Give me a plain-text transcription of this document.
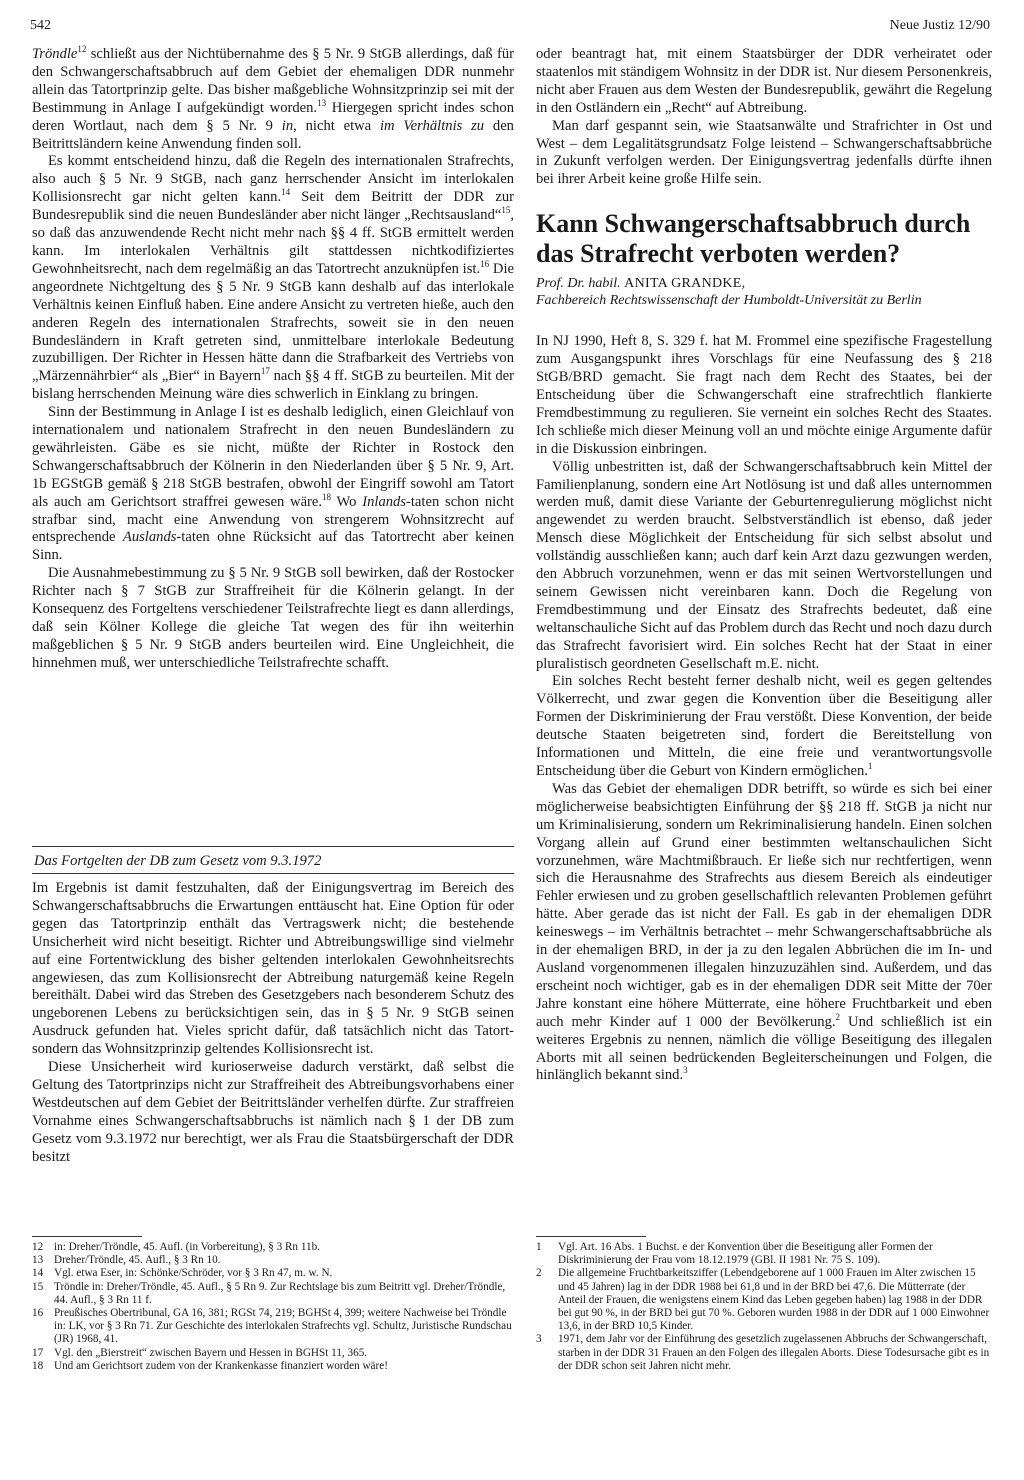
542	Neue Justiz 12/90

Tröndle$^{12}$ schließt aus der Nichtübernahme des § 5 Nr. 9 StGB allerdings, daß für den Schwangerschaftsabbruch auf dem Gebiet der ehemaligen DDR nunmehr allein das Tatortprinzip gelte. Das bisher maßgebliche Wohnsitzprinzip sei mit der Bestimmung in Anlage I aufgekündigt worden.$^{13}$ Hiergegen spricht indes schon deren Wortlaut, nach dem § 5 Nr. 9 in, nicht etwa im Verhältnis zu den Beitrittsländern keine Anwendung finden soll.

Es kommt entscheidend hinzu, daß die Regeln des internationalen Strafrechts, also auch § 5 Nr. 9 StGB, nach ganz herrschender Ansicht im interlokalen Kollisionsrecht gar nicht gelten kann.$^{14}$ Seit dem Beitritt der DDR zur Bundesrepublik sind die neuen Bundesländer aber nicht länger „Rechtsausland“$^{15}$, so daß das anzuwendende Recht nicht mehr nach §§ 4 ff. StGB ermittelt werden kann. Im interlokalen Verhältnis gilt stattdessen nichtkodifiziertes Gewohnheitsrecht, nach dem regelmäßig an das Tatortrecht anzuknüpfen ist.$^{16}$ Die angeordnete Nichtgeltung des § 5 Nr. 9 StGB kann deshalb auf das interlokale Verhältnis keinen Einfluß haben. Eine andere Ansicht zu vertreten hieße, auch den anderen Regeln des internationalen Strafrechts, soweit sie in den neuen Bundesländern in Kraft getreten sind, unmittelbare interlokale Bedeutung zuzubilligen. Der Richter in Hessen hätte dann die Strafbarkeit des Vertriebs von „Märzennährbier“ als „Bier“ in Bayern$^{17}$ nach §§ 4 ff. StGB zu beurteilen. Mit der bislang herrschenden Meinung wäre dies schwerlich in Einklang zu bringen.

Sinn der Bestimmung in Anlage I ist es deshalb lediglich, einen Gleichlauf von internationalem und nationalem Strafrecht in den neuen Bundesländern zu gewährleisten. Gäbe es sie nicht, müßte der Richter in Rostock den Schwangerschaftsabbruch der Kölnerin in den Niederlanden über § 5 Nr. 9, Art. 1b EGStGB gemäß § 218 StGB bestrafen, obwohl der Eingriff sowohl am Tatort als auch am Gerichtsort straffrei gewesen wäre.$^{18}$ Wo Inlands-taten schon nicht strafbar sind, macht eine Anwendung von strengerem Wohnsitzrecht auf entsprechende Auslands-taten ohne Rücksicht auf das Tatortrecht aber keinen Sinn.

Die Ausnahmebestimmung zu § 5 Nr. 9 StGB soll bewirken, daß der Rostocker Richter nach § 7 StGB zur Straffreiheit für die Kölnerin gelangt. In der Konsequenz des Fortgeltens verschiedener Teilstrafrechte liegt es dann allerdings, daß sein Kölner Kollege die gleiche Tat wegen des für ihn weiterhin maßgeblichen § 5 Nr. 9 StGB anders beurteilen wird. Eine Ungleichheit, die hinnehmen muß, wer unterschiedliche Teilstrafrechte schafft.

Das Fortgelten der DB zum Gesetz vom 9.3.1972

Im Ergebnis ist damit festzuhalten, daß der Einigungsvertrag im Bereich des Schwangerschaftsabbruchs die Erwartungen enttäuscht hat. Eine Option für oder gegen das Tatortprinzip enthält das Vertragswerk nicht; die bestehende Unsicherheit wird nicht beseitigt. Richter und Abtreibungswillige sind vielmehr auf eine Fortentwicklung des bisher geltenden interlokalen Gewohnheitsrechts angewiesen, das zum Kollisionsrecht der Abtreibung naturgemäß keine Regeln bereithält. Dabei wird das Streben des Gesetzgebers nach besonderem Schutz des ungeborenen Lebens zu berücksichtigen sein, das in § 5 Nr. 9 StGB seinen Ausdruck gefunden hat. Vieles spricht dafür, daß tatsächlich nicht das Tatort- sondern das Wohnsitzprinzip geltendes Kollisionsrecht ist.

Diese Unsicherheit wird kurioserweise dadurch verstärkt, daß selbst die Geltung des Tatortprinzips nicht zur Straffreiheit des Abtreibungsvorhabens einer Westdeutschen auf dem Gebiet der Beitrittsländer verhelfen dürfte. Zur straffreien Vornahme eines Schwangerschaftsabbruchs ist nämlich nach § 1 der DB zum Gesetz vom 9.3.1972 nur berechtigt, wer als Frau die Staatsbürgerschaft der DDR besitzt

oder beantragt hat, mit einem Staatsbürger der DDR verheiratet oder staatenlos mit ständigem Wohnsitz in der DDR ist. Nur diesem Personenkreis, nicht aber Frauen aus dem Westen der Bundesrepublik, gewährt die Regelung in den Ostländern ein „Recht“ auf Abtreibung.

Man darf gespannt sein, wie Staatsanwälte und Strafrichter in Ost und West – dem Legalitätsgrundsatz Folge leistend – Schwangerschaftsabbrüche in Zukunft verfolgen werden. Der Einigungsvertrag jedenfalls dürfte ihnen bei ihrer Arbeit keine große Hilfe sein.

Kann Schwangerschaftsabbruch durch das Strafrecht verboten werden?

Prof. Dr. habil. ANITA GRANDKE,

Fachbereich Rechtswissenschaft der Humboldt-Universität zu Berlin

In NJ 1990, Heft 8, S. 329 f. hat M. Frommel eine spezifische Fragestellung zum Ausgangspunkt ihres Vorschlags für eine Neufassung des § 218 StGB/BRD gemacht. Sie fragt nach dem Recht des Staates, bei der Entscheidung über die Schwangerschaft eine strafrechtlich flankierte Fremdbestimmung zu regulieren. Sie verneint ein solches Recht des Staates. Ich schließe mich dieser Meinung voll an und möchte einige Argumente dafür in die Diskussion einbringen.

Völlig unbestritten ist, daß der Schwangerschaftsabbruch kein Mittel der Familienplanung, sondern eine Art Notlösung ist und daß alles unternommen werden muß, damit diese Variante der Geburtenregulierung möglichst nicht angewendet zu werden braucht. Selbstverständlich ist ebenso, daß jeder Mensch diese Möglichkeit der Entscheidung für sich selbst absolut und vollständig ausschließen kann; auch darf kein Arzt dazu gezwungen werden, den Abbruch vorzunehmen, wenn er das mit seinen Wertvorstellungen und seinem Gewissen nicht vereinbaren kann. Doch die Regelung von Fremdbestimmung und der Einsatz des Strafrechts bedeutet, daß eine weltanschauliche Sicht auf das Problem durch das Recht und noch dazu durch das Strafrecht favorisiert wird. Ein solches Recht hat der Staat in einer pluralistisch geordneten Gesellschaft m.E. nicht.

Ein solches Recht besteht ferner deshalb nicht, weil es gegen geltendes Völkerrecht, und zwar gegen die Konvention über die Beseitigung aller Formen der Diskriminierung der Frau verstößt. Diese Konvention, der beide deutsche Staaten beigetreten sind, fordert die Bereitstellung von Informationen und Mitteln, die eine freie und verantwortungsvolle Entscheidung über die Geburt von Kindern ermöglichen.$^1$

Was das Gebiet der ehemaligen DDR betrifft, so würde es sich bei einer möglicherweise beabsichtigten Einführung der §§ 218 ff. StGB ja nicht nur um Kriminalisierung, sondern um Rekriminalisierung handeln. Einen solchen Vorgang allein auf Grund einer bestimmten weltanschaulichen Sicht vorzunehmen, wäre Machtmißbrauch. Er ließe sich nur rechtfertigen, wenn sich die Herausnahme des Strafrechts aus diesem Bereich als eindeutiger Fehler erwiesen und zu groben gesellschaftlich relevanten Problemen geführt hätte. Aber gerade das ist nicht der Fall. Es gab in der ehemaligen DDR keineswegs – im Verhältnis betrachtet – mehr Schwangerschaftsabbrüche als in der ehemaligen BRD, in der ja zu den legalen Abbrüchen die im In- und Ausland vorgenommenen illegalen hinzuzuzählen sind. Außerdem, und das erscheint noch wichtiger, gab es in der ehemaligen DDR seit Mitte der 70er Jahre konstant eine höhere Mütterrate, eine höhere Fruchtbarkeit und eben auch mehr Kinder auf 1 000 der Bevölkerung.$^2$ Und schließlich ist ein weiteres Ergebnis zu nennen, nämlich die völlige Beseitigung des illegalen Aborts mit all seinen bedrückenden Begleiterscheinungen und Folgen, die hinlänglich bekannt sind.$^3$

12 in: Dreher/Tröndle, 45. Aufl. (in Vorbereitung), § 3 Rn 11b.
13 Dreher/Tröndle, 45. Aufl., § 3 Rn 10.
14 Vgl. etwa Eser, in: Schönke/Schröder, vor § 3 Rn 47, m. w. N.
15 Tröndle in: Dreher/Tröndle, 45. Aufl., § 5 Rn 9. Zur Rechtslage bis zum Beitritt vgl. Dreher/Tröndle, 44. Aufl., § 3 Rn 11 f.
16 Preußisches Obertribunal, GA 16, 381; RGSt 74, 219; BGHSt 4, 399; weitere Nachweise bei Tröndle in: LK, vor § 3 Rn 71. Zur Geschichte des interlokalen Strafrechts vgl. Schultz, Juristische Rundschau (JR) 1968, 41.
17 Vgl. den „Bierstreit“ zwischen Bayern und Hessen in BGHSt 11, 365.
18 Und am Gerichtsort zudem von der Krankenkasse finanziert worden wäre!
1	Vgl. Art. 16 Abs. 1 Buchst. e der Konvention über die Beseitigung aller Formen der Diskriminierung der Frau vom 18.12.1979 (GBl. II 1981 Nr. 75 S. 109).
2	Die allgemeine Fruchtbarkeitsziffer (Lebendgeborene auf 1 000 Frauen im Alter zwischen 15 und 45 Jahren) lag in der DDR 1988 bei 61,8 und in der BRD bei 47,6. Die Mütterrate (der Anteil der Frauen, die wenigstens einem Kind das Leben gegeben haben) lag 1988 in der DDR bei gut 90 %, in der BRD bei gut 70 %. Geboren wurden 1988 in der DDR auf 1 000 Einwohner 13,6, in der BRD 10,5 Kinder.
3	1971, dem Jahr vor der Einführung des gesetzlich zugelassenen Abbruchs der Schwangerschaft, starben in der DDR 31 Frauen an den Folgen des illegalen Aborts. Diese Todesursache gibt es in der DDR schon seit Jahren nicht mehr.
